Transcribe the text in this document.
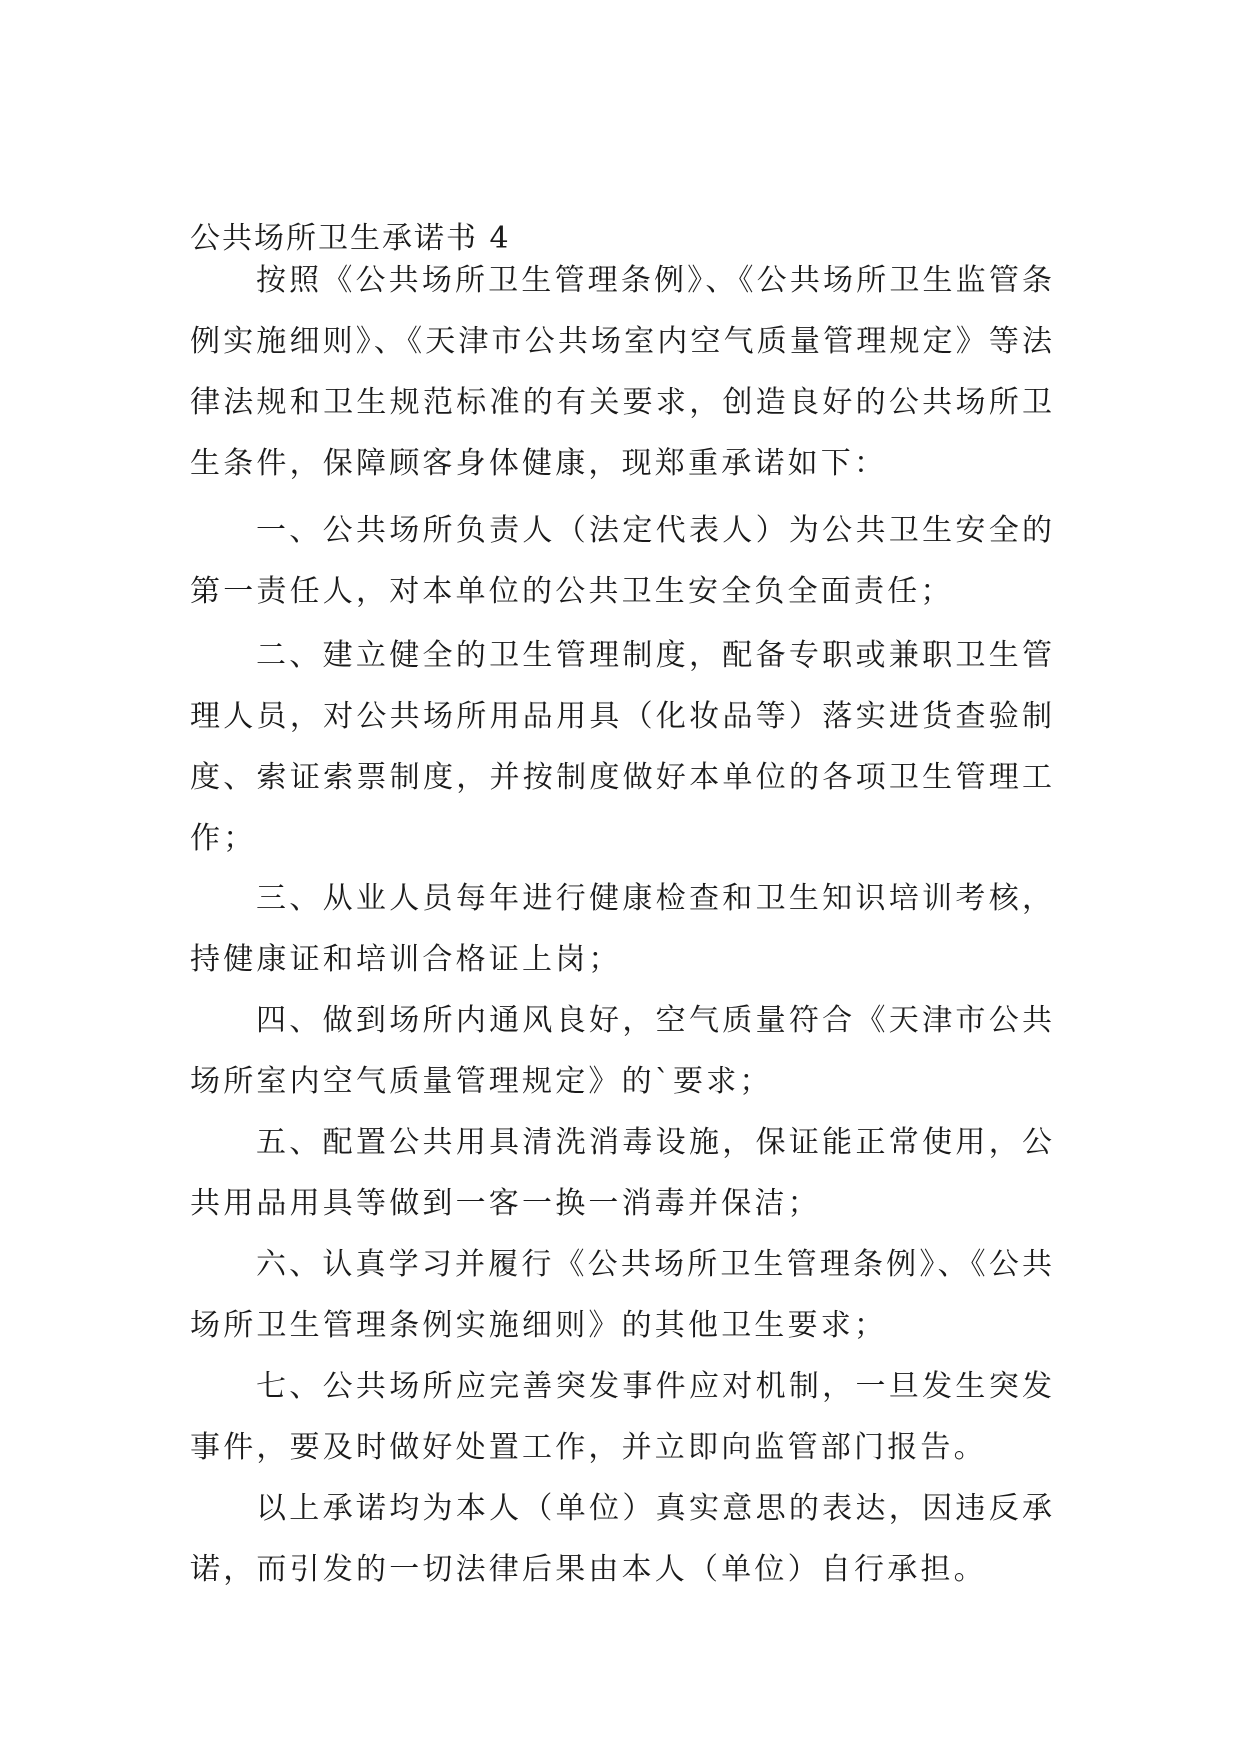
公共场所卫生承诺书 4

按照《公共场所卫生管理条例》、《公共场所卫生监管条
例实施细则》、《天津市公共场室内空气质量管理规定》等法
律法规和卫生规范标准的有关要求，创造良好的公共场所卫
生条件，保障顾客身体健康，现郑重承诺如下：

一、公共场所负责人（法定代表人）为公共卫生安全的
第一责任人，对本单位的公共卫生安全负全面责任；

二、建立健全的卫生管理制度，配备专职或兼职卫生管
理人员，对公共场所用品用具（化妆品等）落实进货查验制
度、索证索票制度，并按制度做好本单位的各项卫生管理工
作；

三、从业人员每年进行健康检查和卫生知识培训考核，
持健康证和培训合格证上岗；

四、做到场所内通风良好，空气质量符合《天津市公共
场所室内空气质量管理规定》的`要求；

五、配置公共用具清洗消毒设施，保证能正常使用，公
共用品用具等做到一客一换一消毒并保洁；

六、认真学习并履行《公共场所卫生管理条例》、《公共
场所卫生管理条例实施细则》的其他卫生要求；

七、公共场所应完善突发事件应对机制，一旦发生突发
事件，要及时做好处置工作，并立即向监管部门报告。

以上承诺均为本人（单位）真实意思的表达，因违反承
诺，而引发的一切法律后果由本人（单位）自行承担。
